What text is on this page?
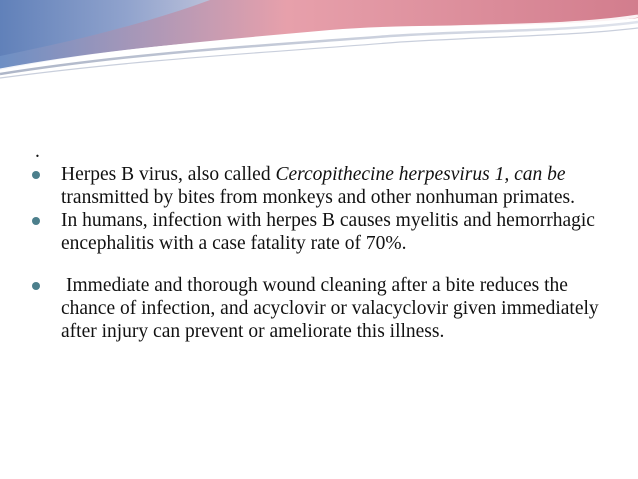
.
Herpes B virus, also called Cercopithecine herpesvirus 1, can be transmitted by bites from monkeys and other nonhuman primates.
In humans, infection with herpes B causes myelitis and hemorrhagic encephalitis with a case fatality rate of 70%.
Immediate and thorough wound cleaning after a bite reduces the chance of infection, and acyclovir or valacyclovir given immediately after injury can prevent or ameliorate this illness.
